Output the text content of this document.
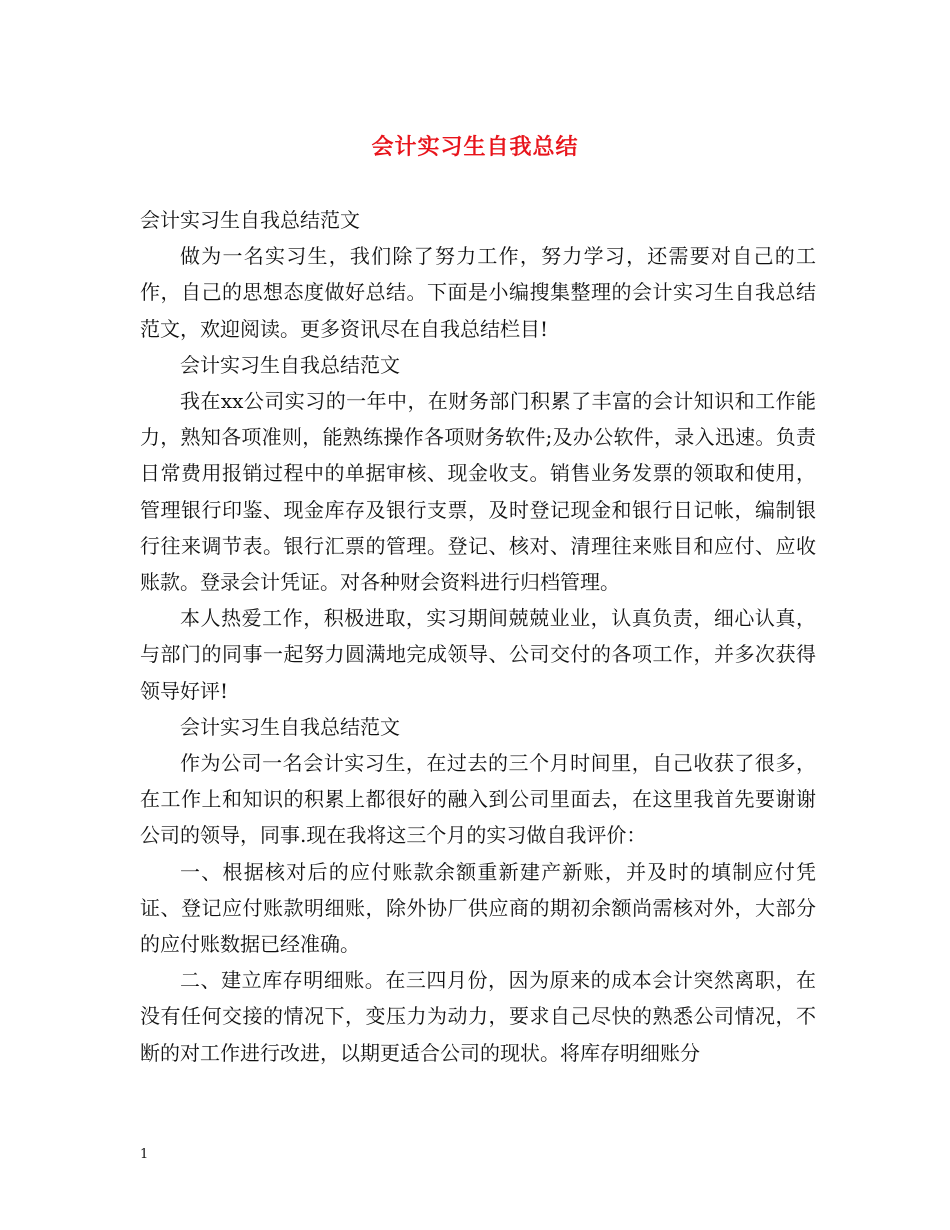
会计实习生自我总结

会计实习生自我总结范文

做为一名实习生，我们除了努力工作，努力学习，还需要对自己的工作，自己的思想态度做好总结。下面是小编搜集整理的会计实习生自我总结范文，欢迎阅读。更多资讯尽在自我总结栏目!

会计实习生自我总结范文

我在xx公司实习的一年中，在财务部门积累了丰富的会计知识和工作能力，熟知各项准则，能熟练操作各项财务软件;及办公软件，录入迅速。负责日常费用报销过程中的单据审核、现金收支。销售业务发票的领取和使用，管理银行印鉴、现金库存及银行支票，及时登记现金和银行日记帐，编制银行往来调节表。银行汇票的管理。登记、核对、清理往来账目和应付、应收账款。登录会计凭证。对各种财会资料进行归档管理。

本人热爱工作，积极进取，实习期间兢兢业业，认真负责，细心认真，与部门的同事一起努力圆满地完成领导、公司交付的各项工作，并多次获得领导好评!

会计实习生自我总结范文

作为公司一名会计实习生，在过去的三个月时间里，自己收获了很多，在工作上和知识的积累上都很好的融入到公司里面去，在这里我首先要谢谢公司的领导，同事.现在我将这三个月的实习做自我评价：

一、根据核对后的应付账款余额重新建产新账，并及时的填制应付凭证、登记应付账款明细账，除外协厂供应商的期初余额尚需核对外，大部分的应付账数据已经准确。

二、建立库存明细账。在三四月份，因为原来的成本会计突然离职，在没有任何交接的情况下，变压力为动力，要求自己尽快的熟悉公司情况，不断的对工作进行改进，以期更适合公司的现状。将库存明细账分

1
